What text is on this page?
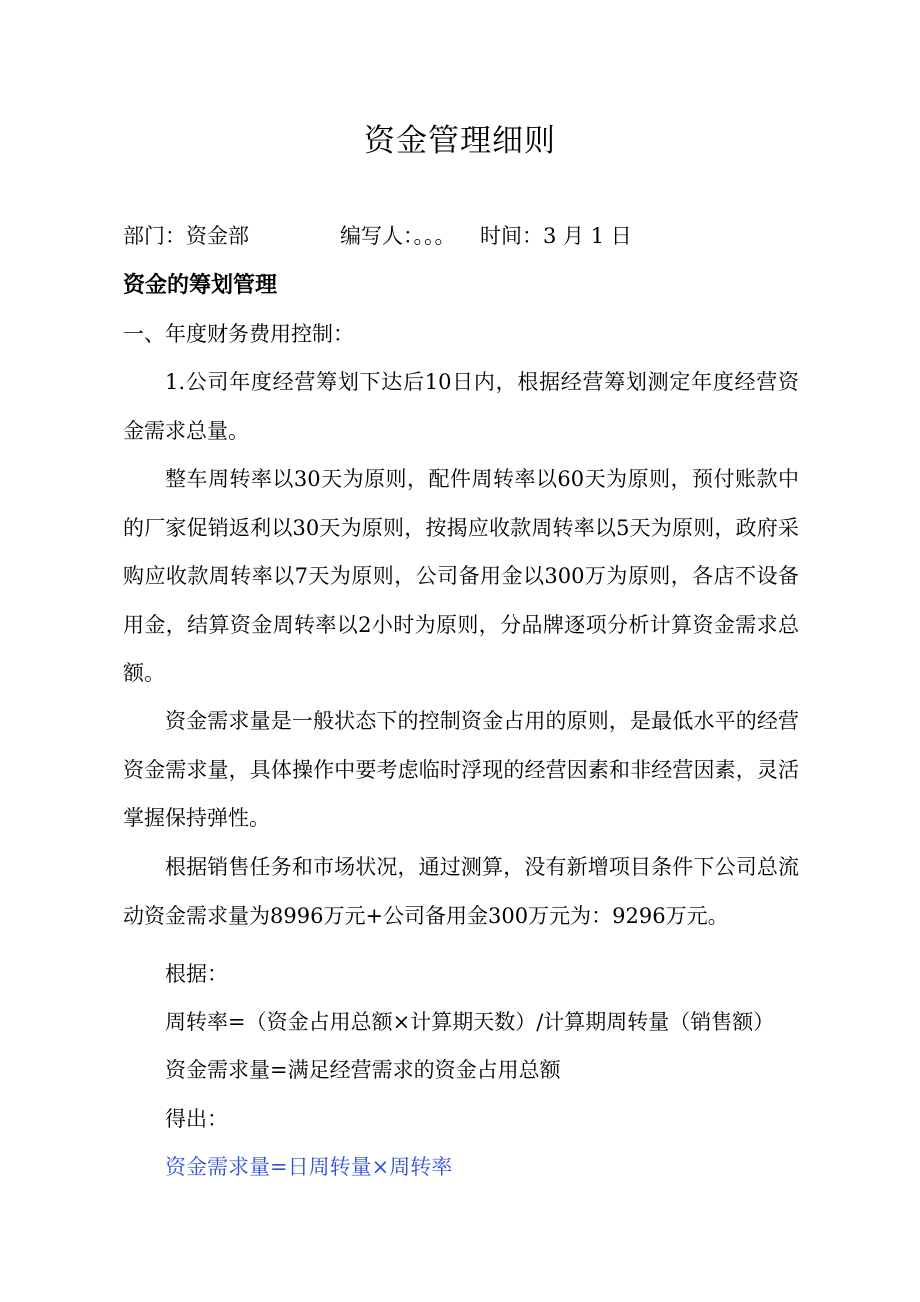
资金管理细则
部门：资金部	编写人：。。。 时间：3 月 1 日
资金的筹划管理
一、年度财务费用控制：

1.公司年度经营筹划下达后10日内，根据经营筹划测定年度经营资金需求总量。

整车周转率以30天为原则，配件周转率以60天为原则，预付账款中的厂家促销返利以30天为原则，按揭应收款周转率以5天为原则，政府采购应收款周转率以7天为原则，公司备用金以300万为原则，各店不设备用金，结算资金周转率以2小时为原则，分品牌逐项分析计算资金需求总额。

资金需求量是一般状态下的控制资金占用的原则，是最低水平的经营资金需求量，具体操作中要考虑临时浮现的经营因素和非经营因素，灵活掌握保持弹性。

根据销售任务和市场状况，通过测算，没有新增项目条件下公司总流动资金需求量为8996万元+公司备用金300万元为：9296万元。

根据：
周转率=（资金占用总额×计算期天数）/计算期周转量（销售额）
资金需求量=满足经营需求的资金占用总额
得出：
资金需求量=日周转量×周转率
